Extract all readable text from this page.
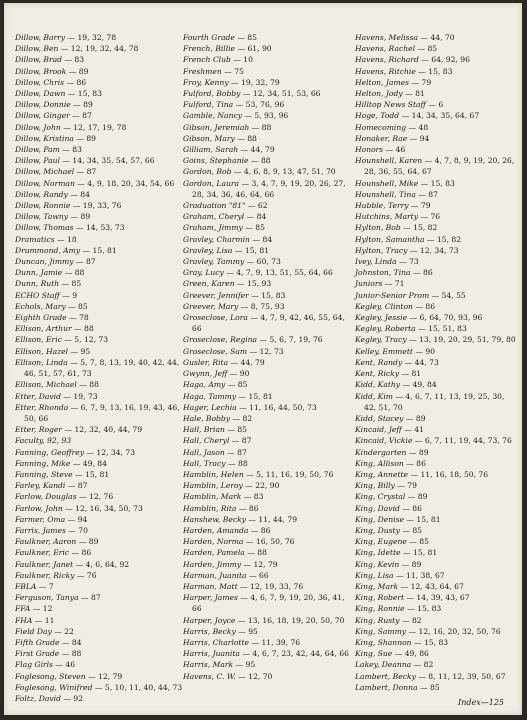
Dillow, Barry — 19, 32, 78
Dillow, Ben — 12, 19, 32, 44, 78
Dillow, Brad — 83
Dillow, Brook — 89
Dillow, Chris — 86
Dillow, Dawn — 15, 83
Dillow, Donnie — 89
Dillow, Ginger — 87
Dillow, John — 12, 17, 19, 78
Dillow, Kristina — 89
Dillow, Pam — 83
Dillow, Paul — 14, 34, 35, 54, 57, 66
Dillow, Michael — 87
Dillow, Norman — 4, 9, 18, 20, 34, 54, 66
Dillow, Randy — 84
Dillow, Ronnie — 19, 33, 76
Dillow, Tawny — 89
Dillow, Thomas — 14, 53, 73
Dramatics — 18
Drummond, Amy — 15, 81
Duncan, Jimmy — 87
Dunn, Jamie — 88
Dunn, Ruth — 85
ECHO Staff — 9
Echols, Mary — 85
Eighth Grade — 78
Ellison, Arthur — 88
Ellison, Eric — 5, 12, 73
Ellison, Hazel — 95
Ellison, Linda — 5, 7, 8, 13, 19, 40, 42, 44, 46, 51, 57, 61, 73
Ellison, Michael — 88
Etter, David — 19, 73
Etter, Rhonda — 6, 7, 9, 13, 16, 19, 43, 46, 50, 66
Etter, Roger — 12, 32, 40, 44, 79
Faculty, 92, 93
Fanning, Geoffrey — 12, 34, 73
Fanning, Mike — 49, 84
Fanning, Steve — 15, 81
Farley, Kandi — 87
Farlow, Douglas — 12, 76
Farlow, John — 12, 16, 34, 50, 73
Farmer, Oma — 94
Farris, James — 70
Faulkner, Aaron — 89
Faulkner, Eric — 86
Faulkner, Janet — 4, 6, 64, 92
Faulkner, Ricky — 76
FBLA — 7
Ferguson, Tanya — 87
FFA — 12
FHA — 11
Field Day — 22
Fifth Grade — 84
First Grade — 88
Flag Girls — 46
Foglesong, Steven — 12, 79
Foglesong, Winifred — 5, 10, 11, 40, 44, 73
Foltz, David — 92
Fourth Grade — 85
French, Billie — 61, 90
French Club — 10
Freshmen — 75
Froy, Kenny — 19, 32, 79
Fulford, Bobby — 12, 34, 51, 53, 66
Fulford, Tina — 53, 76, 96
Gamble, Nancy — 5, 93, 96
Gibson, Jeremiah — 88
Gibson, Mary — 88
Gilliam, Sarah — 44, 79
Goins, Stephanie — 88
Gordon, Bob — 4, 6, 8, 9, 13, 47, 51, 70
Gordon, Laura — 3, 4, 7, 9, 19, 20, 26, 27, 28, 34, 36, 46, 64, 66
Graduation "81" — 62
Graham, Cheryl — 84
Graham, Jimmy — 85
Gravley, Charmin — 84
Gravley, Lisa — 15, 81
Gravley, Tammy — 60, 73
Gray, Lucy — 4, 7, 9, 13, 51, 55, 64, 66
Green, Karen — 15, 93
Greever, Jennifer — 15, 83
Greever, Mary — 8, 75, 93
Groseclose, Lora — 4, 7, 9, 42, 46, 55, 64, 66
Groseclose, Regina — 5, 6, 7, 19, 76
Groseclose, Sam — 12, 73
Gusler, Rita — 44, 79
Gwynn, Jeff — 90
Haga, Amy — 85
Haga, Tammy — 15, 81
Hager, Lechia — 11, 16, 44, 50, 73
Hale, Bobby — 82
Hall, Brian — 85
Hall, Cheryl — 87
Hall, Jason — 87
Hall, Tracy — 88
Hamblin, Helen — 5, 11, 16, 19, 50, 76
Hamblin, Leroy — 22, 90
Hamblin, Mark — 83
Hamblin, Rita — 86
Hanshew, Becky — 11, 44, 79
Harden, Amanda — 86
Harden, Norma — 16, 50, 76
Harden, Pamela — 88
Harden, Jimmy — 12, 79
Harman, Juanita — 66
Harman, Matt — 12, 19, 33, 76
Harper, James — 4, 6, 7, 9, 19, 20, 36, 41, 66
Harper, Joyce — 13, 16, 18, 19, 20, 50, 70
Harris, Becky — 95
Harris, Charlotte — 11, 39, 76
Harris, Juanita — 4, 6, 7, 23, 42, 44, 64, 66
Harris, Mark — 95
Havens, C. W. — 12, 70
Havens, Melissa — 44, 70
Havens, Rachel — 85
Havens, Richard — 64, 92, 96
Havens, Ritchie — 15, 83
Helton, James — 79
Helton, Jody — 81
Hilltop News Staff — 6
Hoge, Todd — 14, 34, 35, 64, 67
Homecoming — 48
Honaker, Rae — 94
Honors — 46
Hounshell, Karen — 4, 7, 8, 9, 19, 20, 26, 28, 36, 55, 64, 67
Hounshell, Mike — 15, 83
Hounshell, Tina — 87
Hubble, Terry — 79
Hutchins, Marty — 76
Hylton, Bob — 15, 82
Hylton, Samantha — 15, 82
Hylton, Tracy — 12, 34, 73
Ivey, Linda — 73
Johnston, Tina — 86
Juniors — 71
Junior-Senior Prom — 54, 55
Kegley, Clinton — 86
Kegley, Jessie — 6, 64, 70, 93, 96
Kegley, Roberta — 15, 51, 83
Kegley, Tracy — 13, 19, 20, 29, 51, 79, 80
Kelley, Emmett — 90
Kent, Randy — 44, 73
Kent, Ricky — 81
Kidd, Kathy — 49, 84
Kidd, Kim — 4, 6, 7, 11, 13, 19, 25, 30, 42, 51, 70
Kidd, Stacey — 89
Kincaid, Jeff — 41
Kincaid, Vickie — 6, 7, 11, 19, 44, 73, 76
Kindergarten — 89
King, Allison — 86
King, Annette — 11, 16, 18, 50, 76
King, Billy — 79
King, Crystal — 89
King, David — 86
King, Denise — 15, 81
King, Dusty — 85
King, Eugene — 85
King, Idette — 15, 81
King, Kevin — 89
King, Lisa — 11, 38, 67
King, Mark — 12, 43, 64, 67
King, Robert — 14, 39, 43, 67
King, Ronnie — 15, 83
King, Rusty — 82
King, Sammy — 12, 16, 20, 32, 50, 76
King, Shannon — 15, 83
King, Sue — 49, 86
Lakey, Deanna — 82
Lambert, Becky — 8, 11, 12, 39, 50, 67
Lambert, Donna — 85
Index—125
